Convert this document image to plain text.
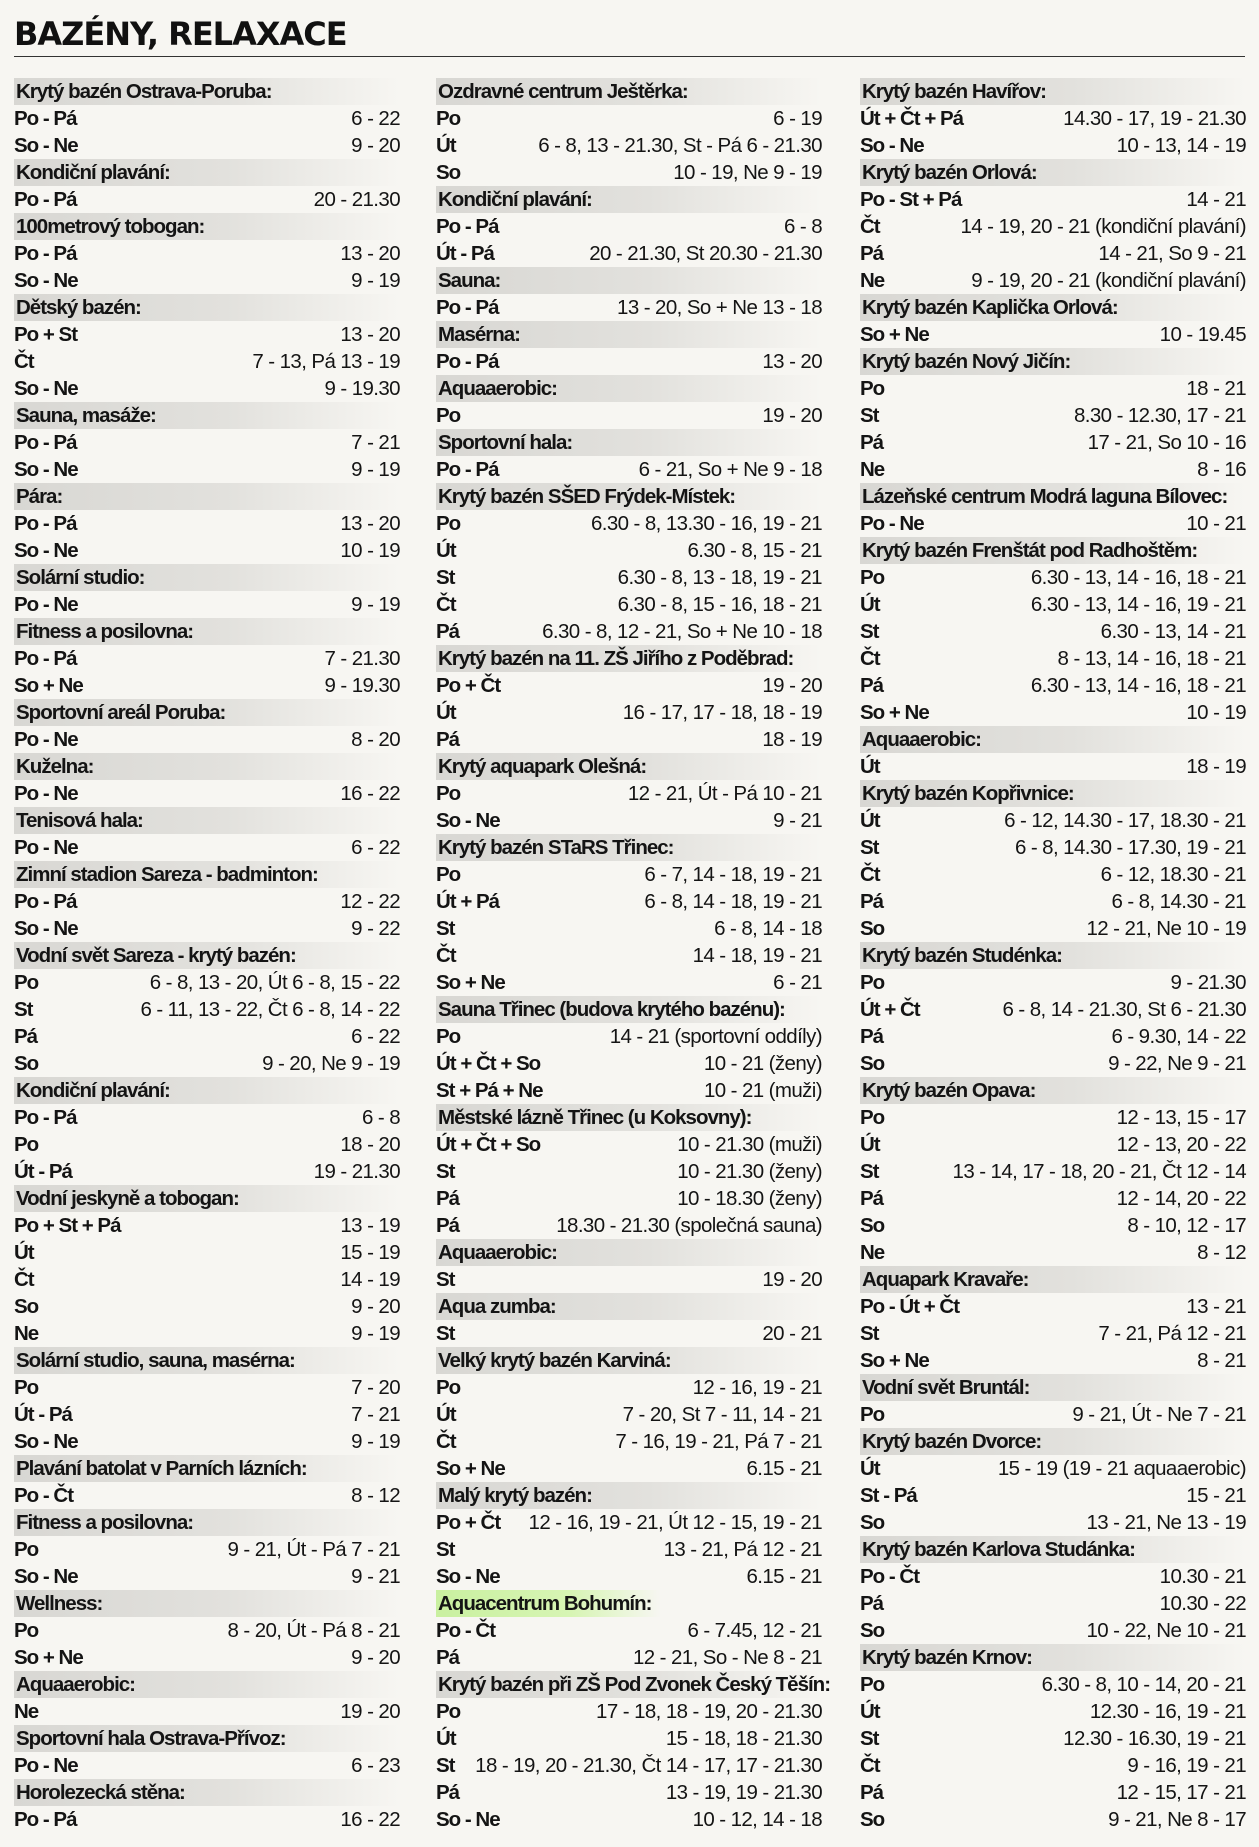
BAZÉNY, RELAXACE
Krytý bazén Ostrava-Poruba:
Po - Pá	6 - 22
So - Ne	9 - 20
Kondiční plavání:
Po - Pá	20 - 21.30
100metrový tobogan:
Po - Pá	13 - 20
So - Ne	9 - 19
Dětský bazén:
Po + St	13 - 20
Čt	7 - 13, Pá 13 - 19
So - Ne	9 - 19.30
Sauna, masáže:
Po - Pá	7 - 21
So - Ne	9 - 19
Pára:
Po - Pá	13 - 20
So - Ne	10 - 19
Solární studio:
Po - Ne	9 - 19
Fitness a posilovna:
Po - Pá	7 - 21.30
So + Ne	9 - 19.30
Sportovní areál Poruba:
Po - Ne	8 - 20
Kuželna:
Po - Ne	16 - 22
Tenisová hala:
Po - Ne	6 - 22
Zimní stadion Sareza - badminton:
Po - Pá	12 - 22
So - Ne	9 - 22
Vodní svět Sareza - krytý bazén:
Po	6 - 8, 13 - 20, Út 6 - 8, 15 - 22
St	6 - 11, 13 - 22, Čt 6 - 8, 14 - 22
Pá	6 - 22
So	9 - 20, Ne 9 - 19
Kondiční plavání:
Po - Pá	6 - 8
Po	18 - 20
Út - Pá	19 - 21.30
Vodní jeskyně a tobogan:
Po + St + Pá	13 - 19
Út	15 - 19
Čt	14 - 19
So	9 - 20
Ne	9 - 19
Solární studio, sauna, masérna:
Po	7 - 20
Út - Pá	7 - 21
So - Ne	9 - 19
Plavání batolat v Parních lázních:
Po - Čt	8 - 12
Fitness a posilovna:
Po	9 - 21, Út - Pá 7 - 21
So - Ne	9 - 21
Wellness:
Po	8 - 20, Út - Pá 8 - 21
So + Ne	9 - 20
Aquaaerobic:
Ne	19 - 20
Sportovní hala Ostrava-Přívoz:
Po - Ne	6 - 23
Horolezecká stěna:
Po - Pá	16 - 22
Ozdravné centrum Ještěrka:
Po	6 - 19
Út	6 - 8, 13 - 21.30, St - Pá 6 - 21.30
So	10 - 19, Ne 9 - 19
Kondiční plavání:
Po - Pá	6 - 8
Út - Pá	20 - 21.30, St 20.30 - 21.30
Sauna:
Po - Pá	13 - 20, So + Ne 13 - 18
Masérna:
Po - Pá	13 - 20
Aquaaerobic:
Po	19 - 20
Sportovní hala:
Po - Pá	6 - 21, So + Ne 9 - 18
Krytý bazén SŠED Frýdek-Místek:
Po	6.30 - 8, 13.30 - 16, 19 - 21
Út	6.30 - 8, 15 - 21
St	6.30 - 8, 13 - 18, 19 - 21
Čt	6.30 - 8, 15 - 16, 18 - 21
Pá	6.30 - 8, 12 - 21, So + Ne 10 - 18
Krytý bazén na 11. ZŠ Jiřího z Poděbrad:
Po + Čt	19 - 20
Út	16 - 17, 17 - 18, 18 - 19
Pá	18 - 19
Krytý aquapark Olešná:
Po	12 - 21, Út - Pá 10 - 21
So - Ne	9 - 21
Krytý bazén STaRS Třinec:
Po	6 - 7, 14 - 18, 19 - 21
Út + Pá	6 - 8, 14 - 18, 19 - 21
St	6 - 8, 14 - 18
Čt	14 - 18, 19 - 21
So + Ne	6 - 21
Sauna Třinec (budova krytého bazénu):
Po	14 - 21 (sportovní oddíly)
Út + Čt + So	10 - 21 (ženy)
St + Pá + Ne	10 - 21 (muži)
Městské lázně Třinec (u Koksovny):
Út + Čt + So	10 - 21.30 (muži)
St	10 - 21.30 (ženy)
Pá	10 - 18.30 (ženy)
Pá	18.30 - 21.30 (společná sauna)
Aquaaerobic:
St	19 - 20
Aqua zumba:
St	20 - 21
Velký krytý bazén Karviná:
Po	12 - 16, 19 - 21
Út	7 - 20, St 7 - 11, 14 - 21
Čt	7 - 16, 19 - 21, Pá 7 - 21
So + Ne	6.15 - 21
Malý krytý bazén:
Po + Čt 12 - 16, 19 - 21, Út 12 - 15, 19 - 21
St	13 - 21, Pá 12 - 21
So - Ne	6.15 - 21
Aquacentrum Bohumín:
Po - Čt	6 - 7.45, 12 - 21
Pá	12 - 21, So - Ne 8 - 21
Krytý bazén při ZŠ Pod Zvonek Český Těšín:
Po	17 - 18, 18 - 19, 20 - 21.30
Út	15 - 18, 18 - 21.30
St 18 - 19, 20 - 21.30, Čt 14 - 17, 17 - 21.30
Pá	13 - 19, 19 - 21.30
So - Ne	10 - 12, 14 - 18
Krytý bazén Havířov:
Út + Čt + Pá	14.30 - 17, 19 - 21.30
So - Ne	10 - 13, 14 - 19
Krytý bazén Orlová:
Po - St + Pá	14 - 21
Čt	14 - 19, 20 - 21 (kondiční plavání)
Pá	14 - 21, So 9 - 21
Ne	9 - 19, 20 - 21 (kondiční plavání)
Krytý bazén Kaplička Orlová:
So + Ne	10 - 19.45
Krytý bazén Nový Jičín:
Po	18 - 21
St	8.30 - 12.30, 17 - 21
Pá	17 - 21, So 10 - 16
Ne	8 - 16
Lázeňské centrum Modrá laguna Bílovec:
Po - Ne	10 - 21
Krytý bazén Frenštát pod Radhoštěm:
Po	6.30 - 13, 14 - 16, 18 - 21
Út	6.30 - 13, 14 - 16, 19 - 21
St	6.30 - 13, 14 - 21
Čt	8 - 13, 14 - 16, 18 - 21
Pá	6.30 - 13, 14 - 16, 18 - 21
So + Ne	10 - 19
Aquaaerobic:
Út	18 - 19
Krytý bazén Kopřivnice:
Út	6 - 12, 14.30 - 17, 18.30 - 21
St	6 - 8, 14.30 - 17.30, 19 - 21
Čt	6 - 12, 18.30 - 21
Pá	6 - 8, 14.30 - 21
So	12 - 21, Ne 10 - 19
Krytý bazén Studénka:
Po	9 - 21.30
Út + Čt	6 - 8, 14 - 21.30, St 6 - 21.30
Pá	6 - 9.30, 14 - 22
So	9 - 22, Ne 9 - 21
Krytý bazén Opava:
Po	12 - 13, 15 - 17
Út	12 - 13, 20 - 22
St	13 - 14, 17 - 18, 20 - 21, Čt 12 - 14
Pá	12 - 14, 20 - 22
So	8 - 10, 12 - 17
Ne	8 - 12
Aquapark Kravaře:
Po - Út + Čt	13 - 21
St	7 - 21, Pá 12 - 21
So + Ne	8 - 21
Vodní svět Bruntál:
Po	9 - 21, Út - Ne 7 - 21
Krytý bazén Dvorce:
Út	15 - 19 (19 - 21 aquaaerobic)
St - Pá	15 - 21
So	13 - 21, Ne 13 - 19
Krytý bazén Karlova Studánka:
Po - Čt	10.30 - 21
Pá	10.30 - 22
So	10 - 22, Ne 10 - 21
Krytý bazén Krnov:
Po	6.30 - 8, 10 - 14, 20 - 21
Út	12.30 - 16, 19 - 21
St	12.30 - 16.30, 19 - 21
Čt	9 - 16, 19 - 21
Pá	12 - 15, 17 - 21
So	9 - 21, Ne 8 - 17
